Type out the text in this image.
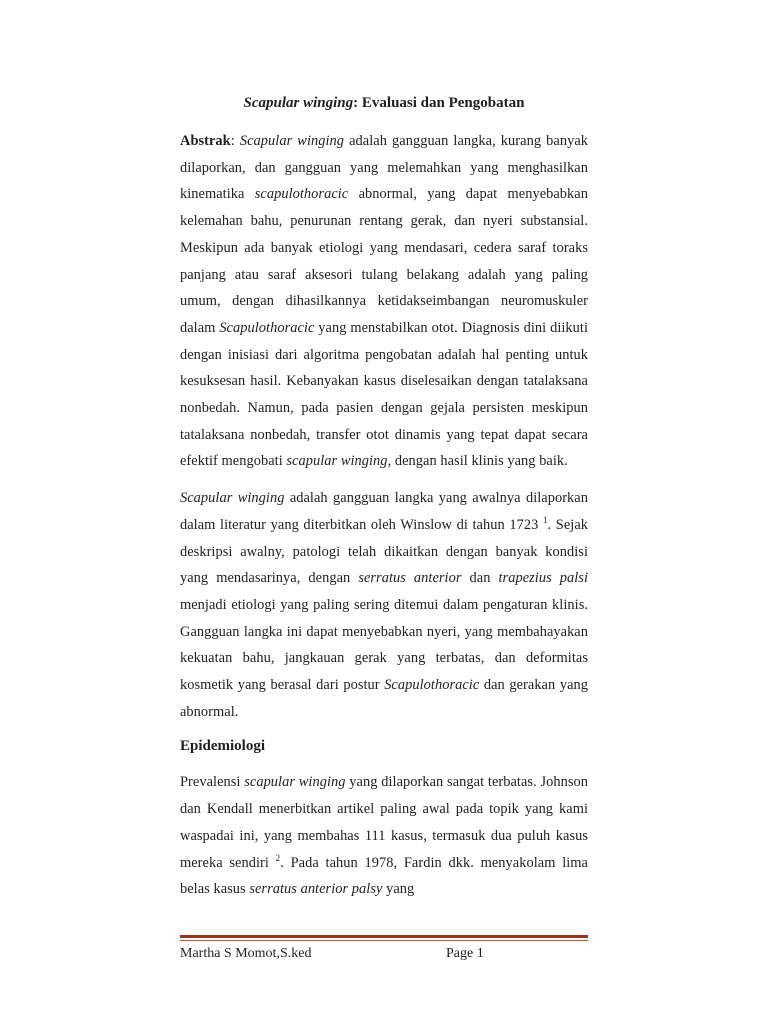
Scapular winging: Evaluasi dan Pengobatan

Abstrak: Scapular winging adalah gangguan langka, kurang banyak dilaporkan, dan gangguan yang melemahkan yang menghasilkan kinematika scapulothoracic abnormal, yang dapat menyebabkan kelemahan bahu, penurunan rentang gerak, dan nyeri substansial. Meskipun ada banyak etiologi yang mendasari, cedera saraf toraks panjang atau saraf aksesori tulang belakang adalah yang paling umum, dengan dihasilkannya ketidakseimbangan neuromuskuler dalam Scapulothoracic yang menstabilkan otot. Diagnosis dini diikuti dengan inisiasi dari algoritma pengobatan adalah hal penting untuk kesuksesan hasil. Kebanyakan kasus diselesaikan dengan tatalaksana nonbedah. Namun, pada pasien dengan gejala persisten meskipun tatalaksana nonbedah, transfer otot dinamis yang tepat dapat secara efektif mengobati scapular winging, dengan hasil klinis yang baik.

Scapular winging adalah gangguan langka yang awalnya dilaporkan dalam literatur yang diterbitkan oleh Winslow di tahun 1723 $^1$. Sejak deskripsi awalny, patologi telah dikaitkan dengan banyak kondisi yang mendasarinya, dengan serratus anterior dan trapezius palsi menjadi etiologi yang paling sering ditemui dalam pengaturan klinis. Gangguan langka ini dapat menyebabkan nyeri, yang membahayakan kekuatan bahu, jangkauan gerak yang terbatas, dan deformitas kosmetik yang berasal dari postur Scapulothoracic dan gerakan yang abnormal.

Epidemiologi

Prevalensi scapular winging yang dilaporkan sangat terbatas. Johnson dan Kendall menerbitkan artikel paling awal pada topik yang kami waspadai ini, yang membahas 111 kasus, termasuk dua puluh kasus mereka sendiri $^2$. Pada tahun 1978, Fardin dkk. menyakolam lima belas kasus serratus anterior palsy yang

Martha S Momot,S.ked	Page 1
